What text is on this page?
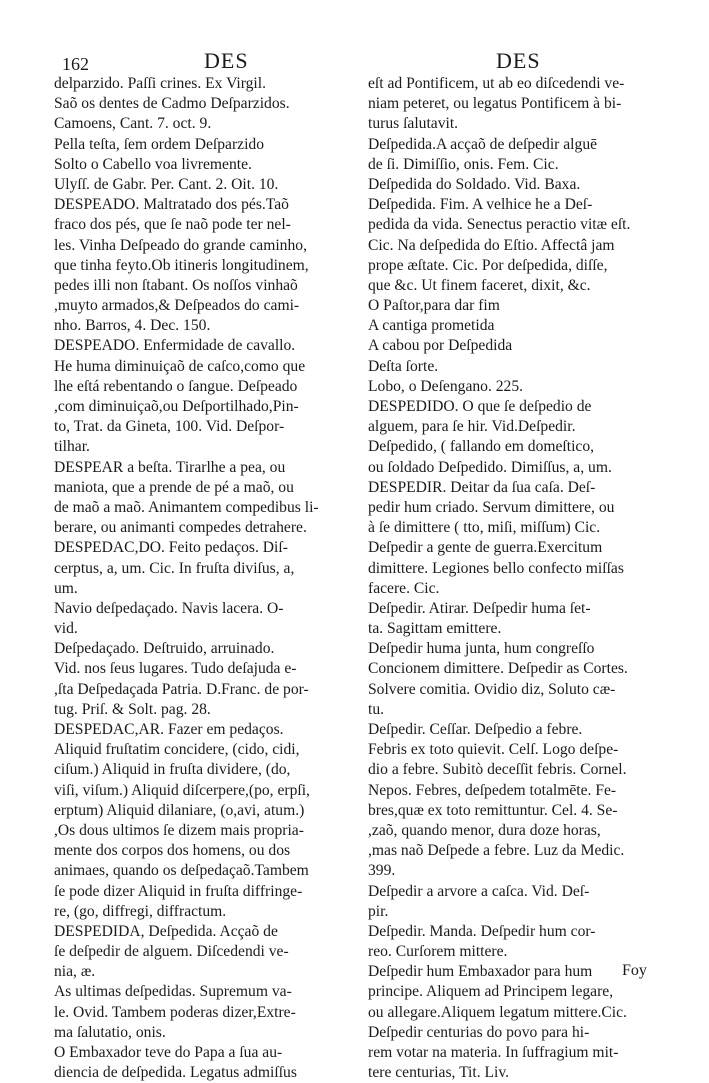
162	DES	DES
delparzido. Paſſi crines. Ex Virgil.
Saõ os dentes de Cadmo Deſparzidos.
Camoens, Cant. 7. oct. 9.
Pella teſta, ſem ordem Deſparzido
Solto o Cabello voa livremente.
Ulyſſ. de Gabr. Per. Cant. 2. Oit. 10.
DESPEADO. Maltratado dos pés.Taõ
fraco dos pés, que ſe naõ pode ter nel-
les. Vinha Deſpeado do grande caminho,
que tinha feyto.Ob itineris longitudinem,
pedes illi non ſtabant. Os noſſos vinhaõ
,muyto armados,& Deſpeados do cami-
nho. Barros, 4. Dec. 150.
DESPEADO. Enfermidade de cavallo.
He huma diminuiçaõ de caſco,como que
lhe eſtá rebentando o ſangue. Deſpeado
,com diminuiçaõ,ou Deſportilhado,Pin-
to, Trat. da Gineta, 100. Vid. Deſpor-
tilhar.
DESPEAR a beſta. Tirarlhe a pea, ou
maniota, que a prende de pé a maõ, ou
de maõ a maõ. Animantem compedibus li-
berare, ou animanti compedes detrahere.
DESPEDAC,DO. Feito pedaços. Diſ-
cerptus, a, um. Cic. In fruſta diviſus, a,
um.
Navio deſpedaçado. Navis lacera. O-
vid.
Deſpedaçado. Deſtruido, arruinado.
Vid. nos ſeus lugares. Tudo deſajuda e-
,ſta Deſpedaçada Patria. D.Franc. de por-
tug. Priſ. & Solt. pag. 28.
DESPEDAC,AR. Fazer em pedaços.
Aliquid fruſtatim concidere, (cido, cidi,
ciſum.) Aliquid in fruſta dividere, (do,
viſi, viſum.) Aliquid diſcerpere,(po, erpſi,
erptum) Aliquid dilaniare, (o,avi, atum.)
,Os dous ultimos ſe dizem mais propria-
mente dos corpos dos homens, ou dos
animaes, quando os deſpedaçaõ.Tambem
ſe pode dizer Aliquid in fruſta diffringe-
re, (go, diffregi, diffractum.
DESPEDIDA, Deſpedida. Acçaõ de
ſe deſpedir de alguem. Diſcedendi ve-
nia, æ.
As ultimas deſpedidas. Supremum va-
le. Ovid. Tambem poderas dizer,Extre-
ma ſalutatio, onis.
O Embaxador teve do Papa a ſua au-
diencia de deſpedida. Legatus admiſſus
eſt ad Pontificem, ut ab eo diſcedendi ve-
niam peteret, ou legatus Pontificem à bi-
turus ſalutavit.
Deſpedida.A acçaõ de deſpedir alguē
de ſi. Dimiſſio, onis. Fem. Cic.
Deſpedida do Soldado. Vid. Baxa.
Deſpedida. Fim. A velhice he a Deſ-
pedida da vida. Senectus peractio vitæ eſt.
Cic. Na deſpedida do Eſtio. Affectâ jam
prope æſtate. Cic. Por deſpedida, diſſe,
que &c. Ut finem faceret, dixit, &c.
O Paſtor,para dar fim
A cantiga prometida
A cabou por Deſpedida
Deſta ſorte.
Lobo, o Deſengano. 225.
DESPEDIDO. O que ſe deſpedio de
alguem, para ſe hir. Vid.Deſpedir.
Deſpedido, ( fallando em domeſtico,
ou ſoldado Deſpedido. Dimiſſus, a, um.
DESPEDIR. Deitar da ſua caſa. Deſ-
pedir hum criado. Servum dimittere, ou
à ſe dimittere ( tto, miſi, miſſum) Cic.
Deſpedir a gente de guerra.Exercitum
dimittere. Legiones bello confecto miſſas
facere. Cic.
Deſpedir. Atirar. Deſpedir huma ſet-
ta. Sagittam emittere.
Deſpedir huma junta, hum congreſſo
Concionem dimittere. Deſpedir as Cortes.
Solvere comitia. Ovidio diz, Soluto cæ-
tu.
Deſpedir. Ceſſar. Deſpedio a febre.
Febris ex toto quievit. Celſ. Logo deſpe-
dio a febre. Subitò deceſſit febris. Cornel.
Nepos. Febres, deſpedem totalmēte. Fe-
bres,quæ ex toto remittuntur. Cel. 4. Se-
,zaõ, quando menor, dura doze horas,
,mas naõ Deſpede a febre. Luz da Medic.
399.
Deſpedir a arvore a caſca. Vid. Deſ-
pir.
Deſpedir. Manda. Deſpedir hum cor-
reo. Curſorem mittere.
Deſpedir hum Embaxador para hum
principe. Aliquem ad Principem legare,
ou allegare.Aliquem legatum mittere.Cic.
Deſpedir centurias do povo para hi-
rem votar na materia. In ſuffragium mit-
tere centurias, Tit. Liv.
Foy
